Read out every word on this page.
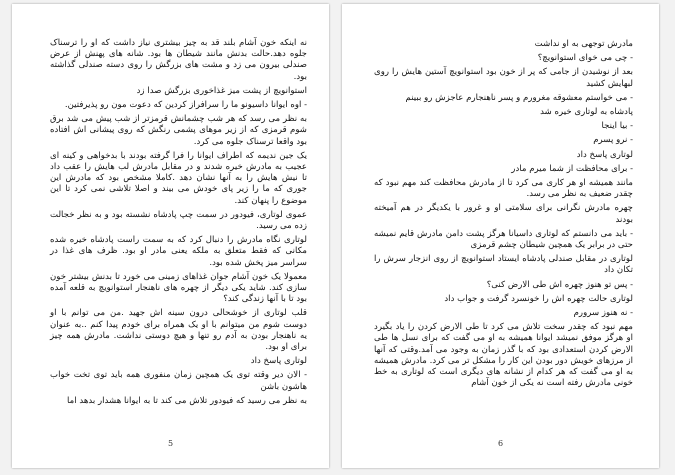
نه اینکه خون آشام بلند قد به چیز بیشتری نیاز داشت که او را ترسناک جلوه دهد.حالت بدنش مانند شیطان ها بود. شانه های پهنش از عرض صندلی بیرون می زد و مشت های بزرگش را روی دسته صندلی گذاشته بود.

استوانویچ از پشت میز غذاخوری بزرگش صدا زد

- اوه ایوانا داسیونو ما را سرافراز کردین که دعوت مون رو پذیرفتین.

به نظر می رسد که هر شب چشمانش قرمزتر از شب پیش می شد برق شوم قرمزی که از زیر موهای پشمی رنگش که روی پیشانی اش افتاده بود واقعا ترسناک جلوه می کرد.

یک جین ندیمه که اطراف ایوانا را فرا گرفته بودند با بدخواهی و کینه ای عجیب به مادرش خیره شدند و در مقابل مادرش لب هایش را عقب داد تا نیش هایش را به آنها نشان دهد .کاملا مشخص بود که مادرش این جوری که ما را زیر پای خودش می بیند و اصلا تلاشی نمی کرد تا این موضوع را پنهان کند.

عموی لوتاری، فیودور در سمت چپ پادشاه نشسته بود و به نظر خجالت زده می رسید.

لوتاری نگاه مادرش را دنبال کرد که به سمت راست پادشاه خیره شده مکانی که فقط متعلق به ملکه یعنی مادر او بود. ظرف های غذا در سراسر میز پخش شده بود.

معمولا یک خون آشام جوان غذاهای زمینی می خورد تا بدنش بیشتر خون سازی کند. شاید یکی دیگر از چهره های ناهنجار استوانویچ به قلعه آمده بود تا با آنها زندگی کند؟

قلب لوتاری از خوشحالی درون سینه اش جهید .من می توانم با او دوست شوم من میتوانم با او یک همراه برای خودم پیدا کنم ..به عنوان یه ناهنجار بودن به آدم رو تنها و هیچ دوستی نداشت. مادرش همه چیز برای او بود.

لوتاری پاسخ داد

- الان دیر وقته توی یک همچین زمان منفوری همه باید توی تخت خواب هاشون باشن

به نظر می رسید که فیودور تلاش می کند تا به ایوانا هشدار بدهد اما

5

مادرش توجهی به او نداشت

- چی می خوای استوانویچ؟

بعد از نوشیدن از جامی که پر از خون بود استوانویچ آستین هایش را روی لبهایش کشید

- می خواستم معشوقه مغرورم و پسر ناهنجارم عاجزش رو ببینم

پادشاه به لوتاری خیره شد

- بیا اینجا

- نرو پسرم

لوتاری پاسخ داد

- برای محافظت از شما میرم مادر

مانند همیشه او هر کاری می کرد تا از مادرش محافظت کند مهم نبود که چقدر ضعیف به نظر می رسد.

چهره مادرش نگرانی برای سلامتی او و غرور با یکدیگر در هم آمیخته بودند

- باید می دانستم که لوتاری داسیانا هرگز پشت دامن مادرش قایم نمیشه حتی در برابر یک همچین شیطان چشم قرمزی

لوتاری در مقابل صندلی پادشاه ایستاد استوانویچ از روی انزجار سرش را تکان داد

- پس تو هنوز چهره اش طی الارض کنی؟

لوتاری حالت چهره اش را خونسرد گرفت و جواب داد

- نه هنوز سرورم

مهم نبود که چقدر سخت تلاش می کرد تا طی الارض کردن را یاد بگیرد او هرگز موفق نمیشد ایوانا همیشه به او می گفت که برای نسل ها طی الارض کردن استعدادی بود که با گذر زمان به وجود می آمد.وقتی که آنها از مرزهای خویش دور بودن این کار را مشکل تر می کرد. مادرش همیشه به او می گفت که هر کدام از نشانه های دیگری است که لوتاری به خط خونی مادرش رفته است نه یکی از خون آشام

6
